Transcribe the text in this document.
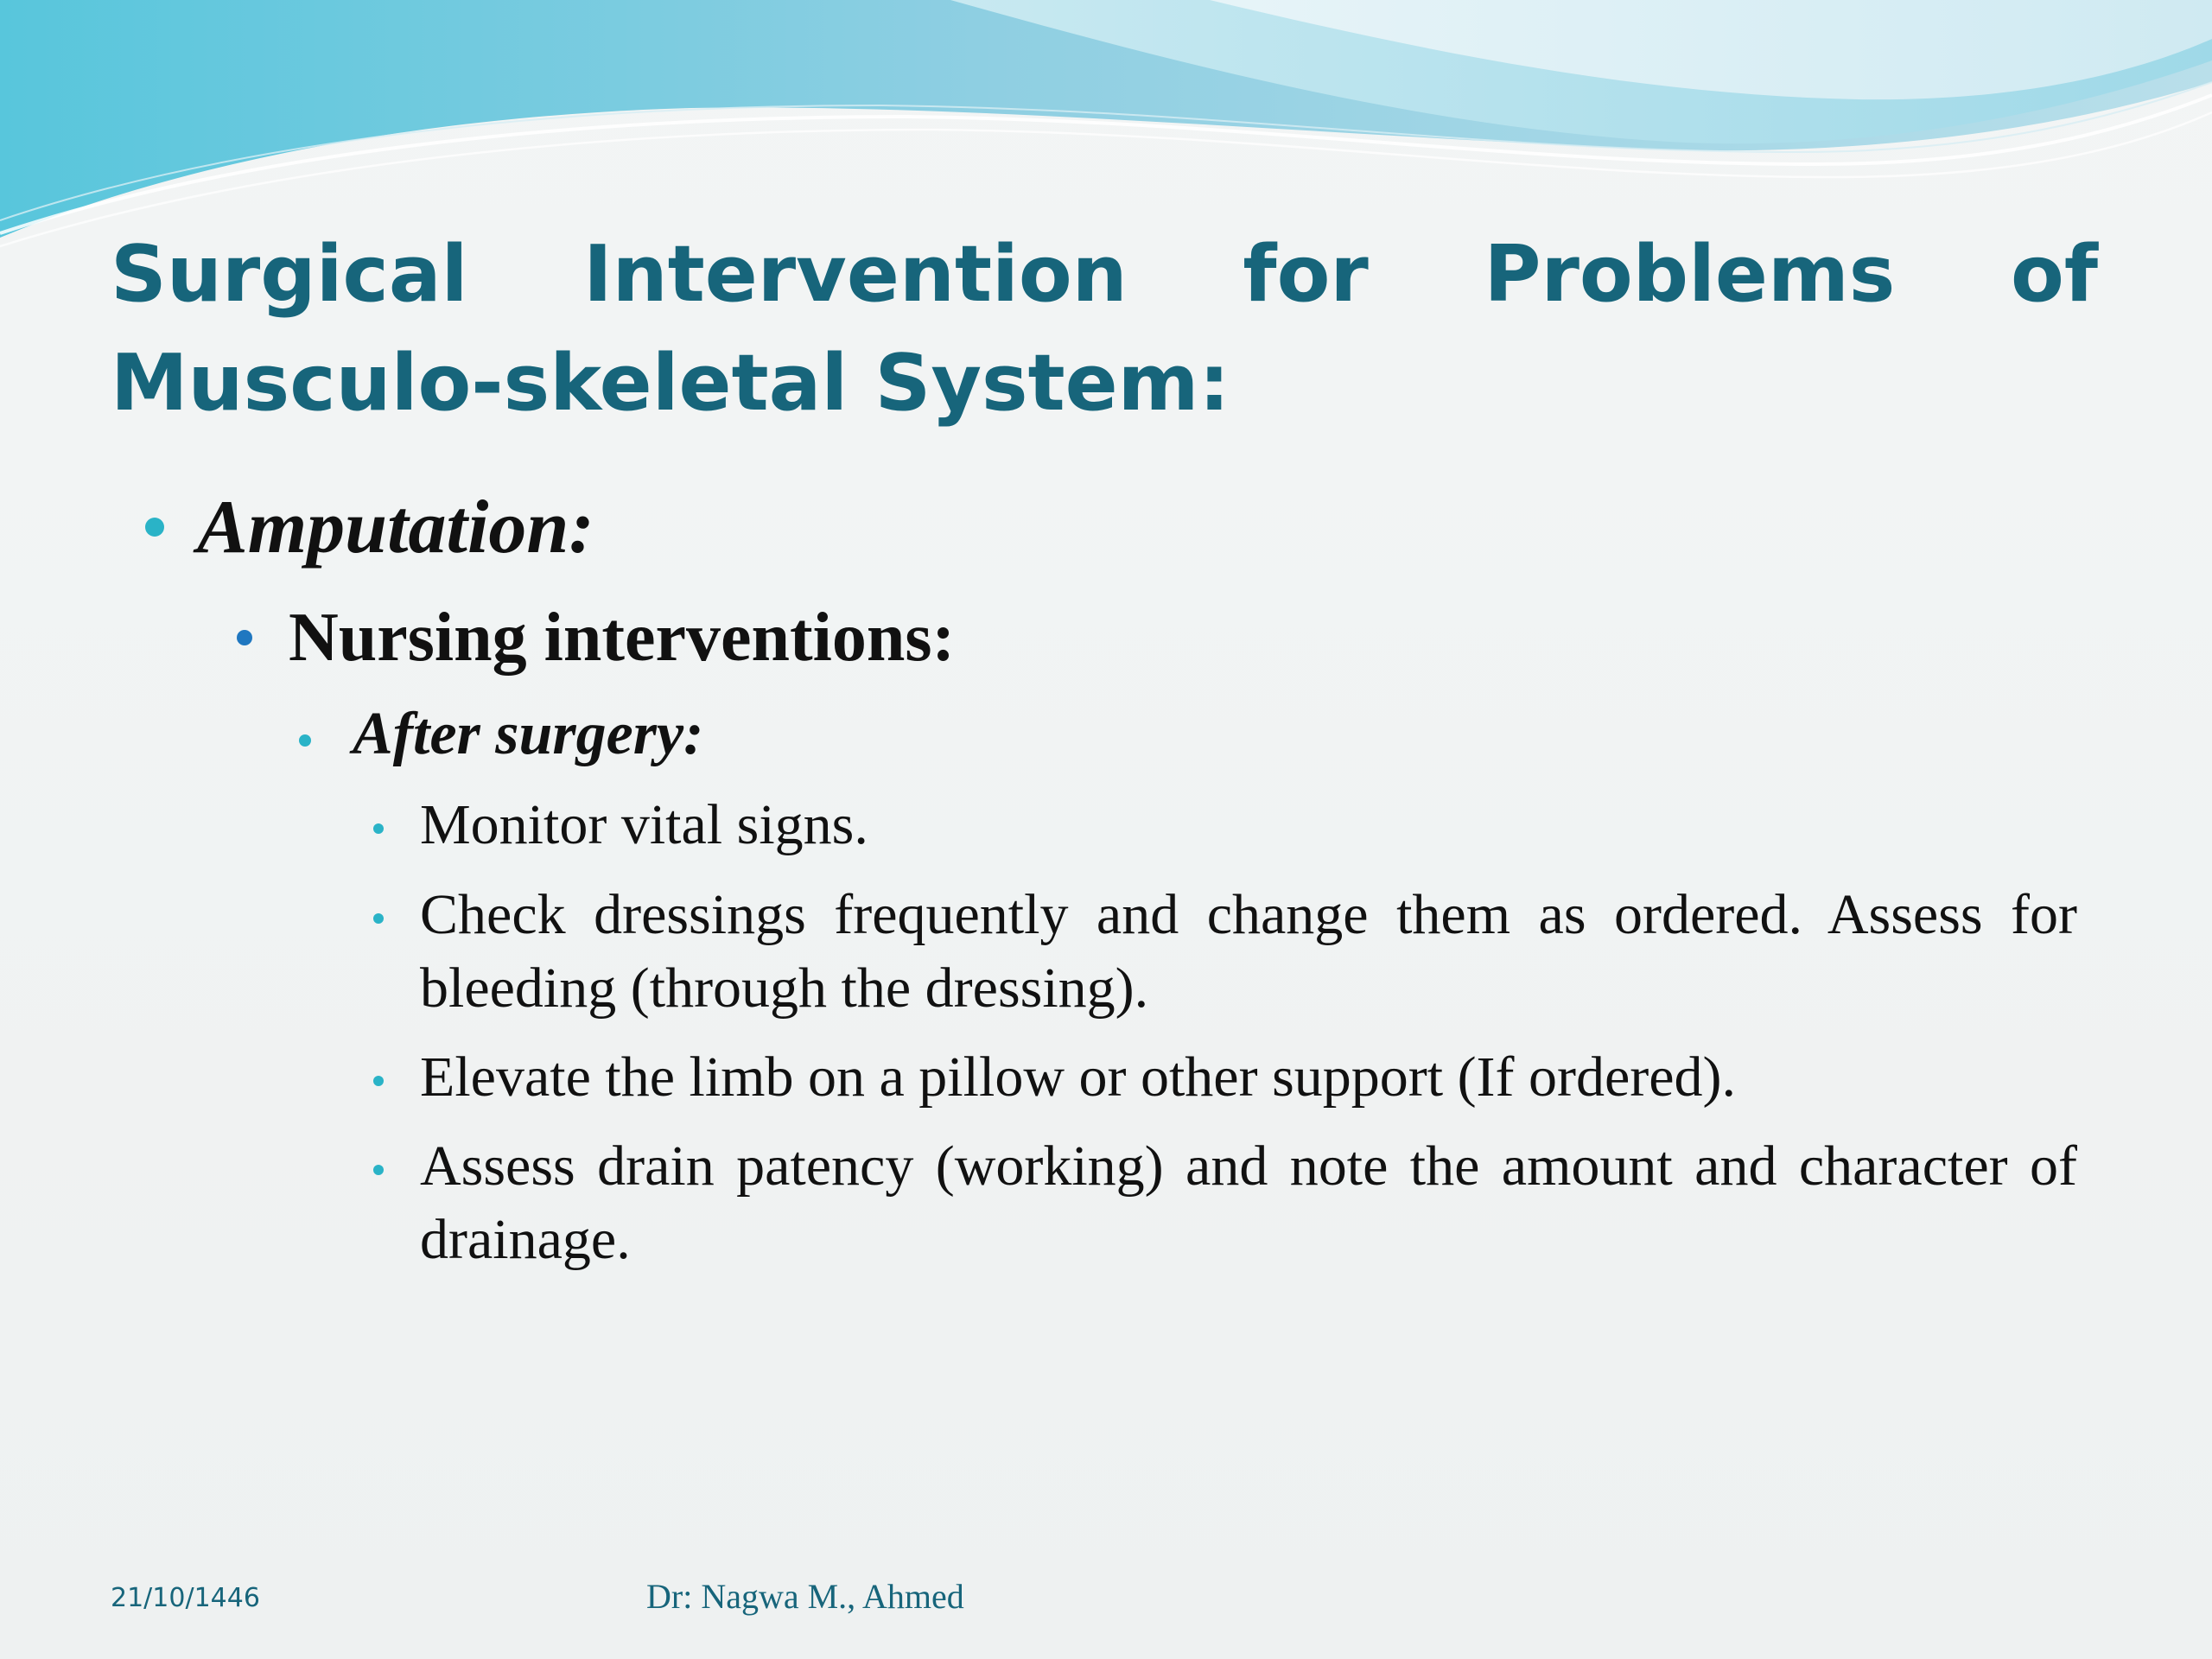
Surgical Intervention for Problems of Musculo-skeletal System:
Amputation:
Nursing interventions:
After surgery:
Monitor vital signs.
Check dressings frequently and change them as ordered. Assess for bleeding (through the dressing).
Elevate the limb on a pillow or other support (If ordered).
Assess drain patency (working) and note the amount and character of drainage.
21/10/1446	Dr: Nagwa M., Ahmed
